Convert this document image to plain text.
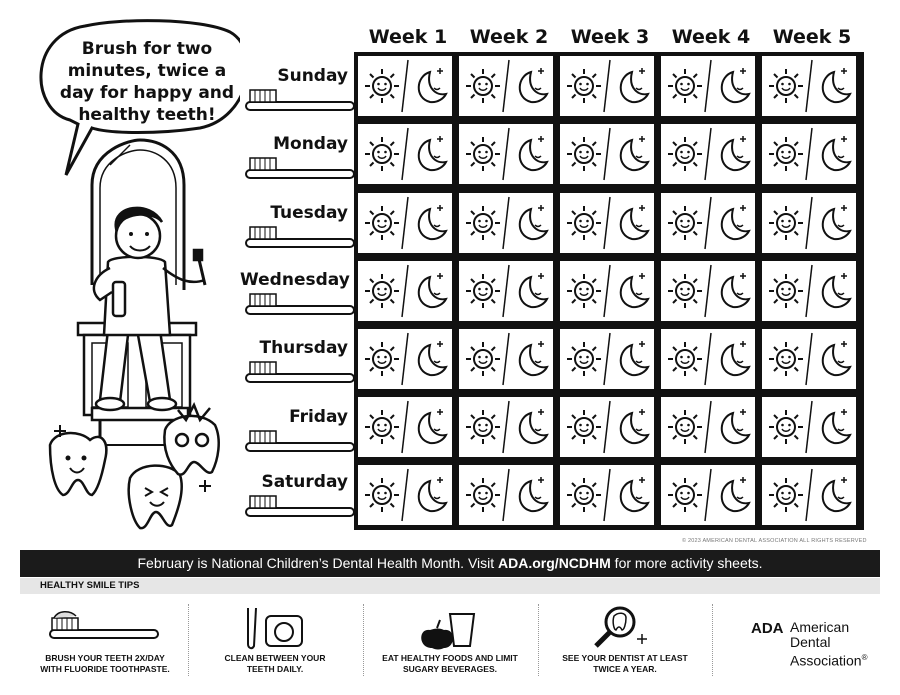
Brush for two
minutes, twice a
day for happy and
healthy teeth!
Week 1	Week 2	Week 3	Week 4	Week 5
Sunday
Monday
Tuesday
Wednesday
Thursday
Friday
Saturday
© 2023 AMERICAN DENTAL ASSOCIATION ALL RIGHTS RESERVED
February is National Children’s Dental Health Month. Visit ADA.org/NCDHM for more activity sheets.
HEALTHY SMILE TIPS
BRUSH YOUR TEETH 2X/DAY
WITH FLUORIDE TOOTHPASTE.
CLEAN BETWEEN YOUR
TEETH DAILY.
EAT HEALTHY FOODS AND LIMIT
SUGARY BEVERAGES.
SEE YOUR DENTIST AT LEAST
TWICE A YEAR.
ADA American
Dental
Association®
